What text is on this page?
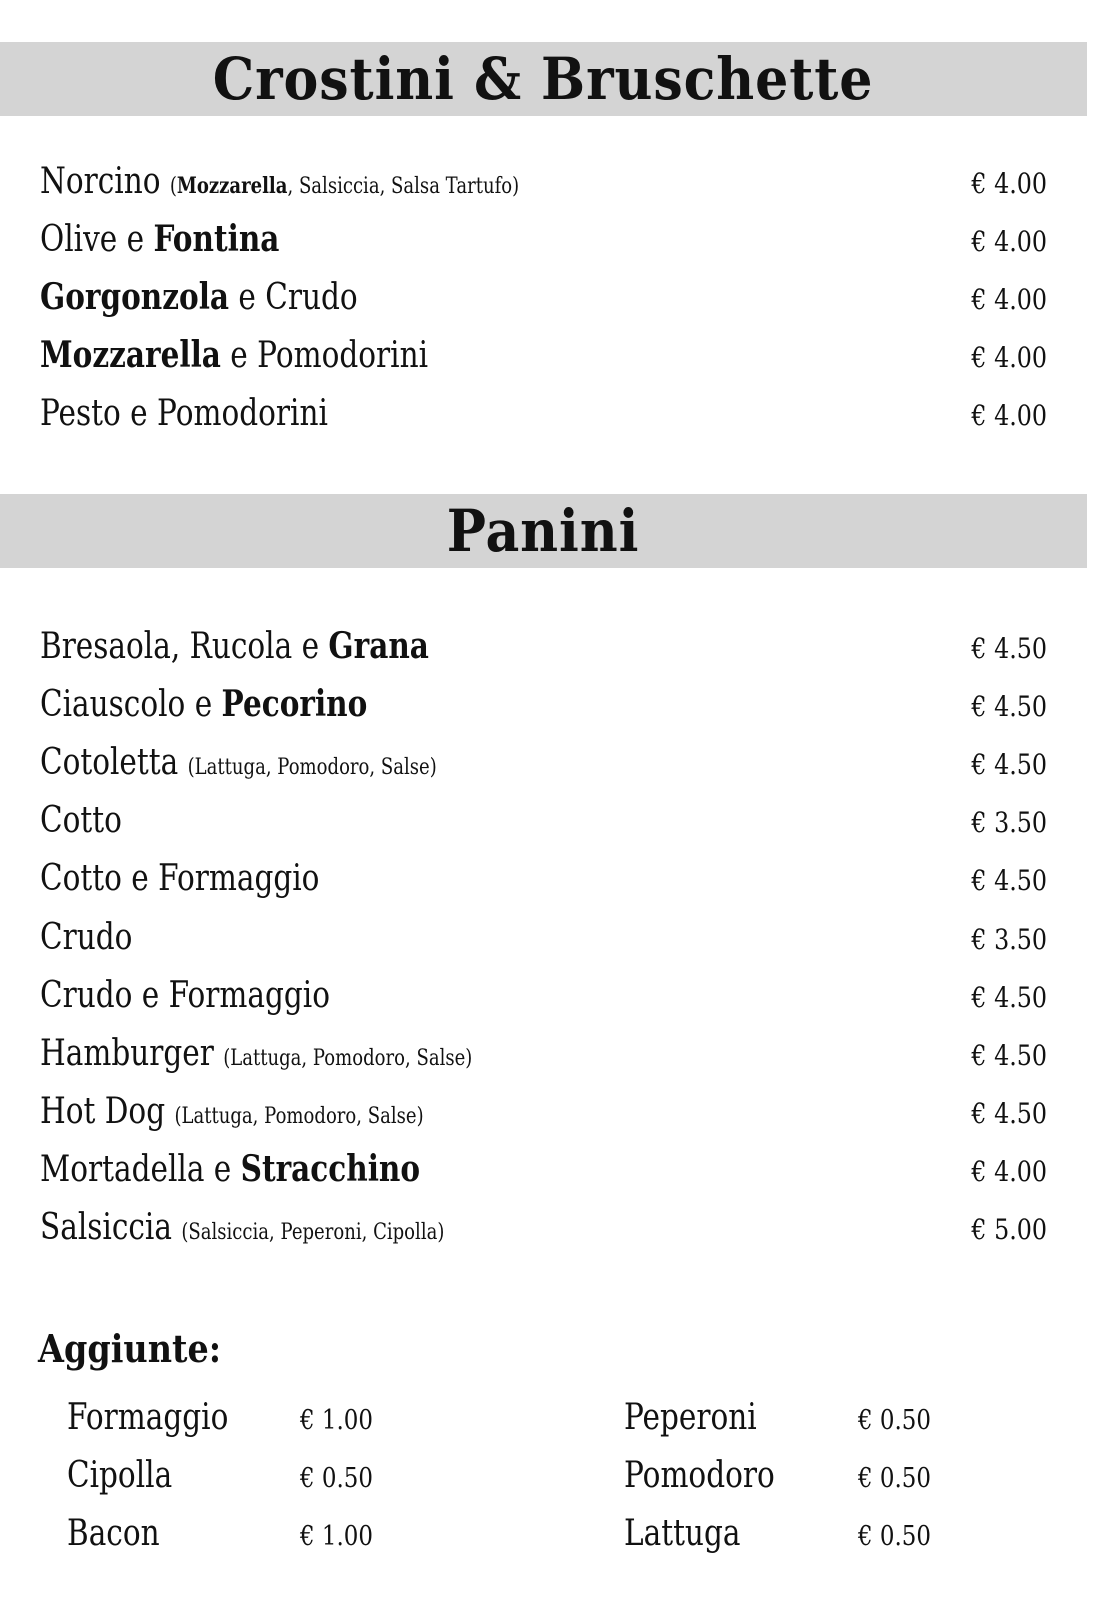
Crostini & Bruschette
Norcino (Mozzarella, Salsiccia, Salsa Tartufo)	€ 4.00
Olive e Fontina	€ 4.00
Gorgonzola e Crudo	€ 4.00
Mozzarella e Pomodorini	€ 4.00
Pesto e Pomodorini	€ 4.00
Panini
Bresaola, Rucola e Grana	€ 4.50
Ciauscolo e Pecorino	€ 4.50
Cotoletta (Lattuga, Pomodoro, Salse)	€ 4.50
Cotto	€ 3.50
Cotto e Formaggio	€ 4.50
Crudo	€ 3.50
Crudo e Formaggio	€ 4.50
Hamburger (Lattuga, Pomodoro, Salse)	€ 4.50
Hot Dog (Lattuga, Pomodoro, Salse)	€ 4.50
Mortadella e Stracchino	€ 4.00
Salsiccia (Salsiccia, Peperoni, Cipolla)	€ 5.00
Aggiunte:
Formaggio	€ 1.00
Cipolla	€ 0.50
Bacon	€ 1.00
Peperoni	€ 0.50
Pomodoro	€ 0.50
Lattuga	€ 0.50
